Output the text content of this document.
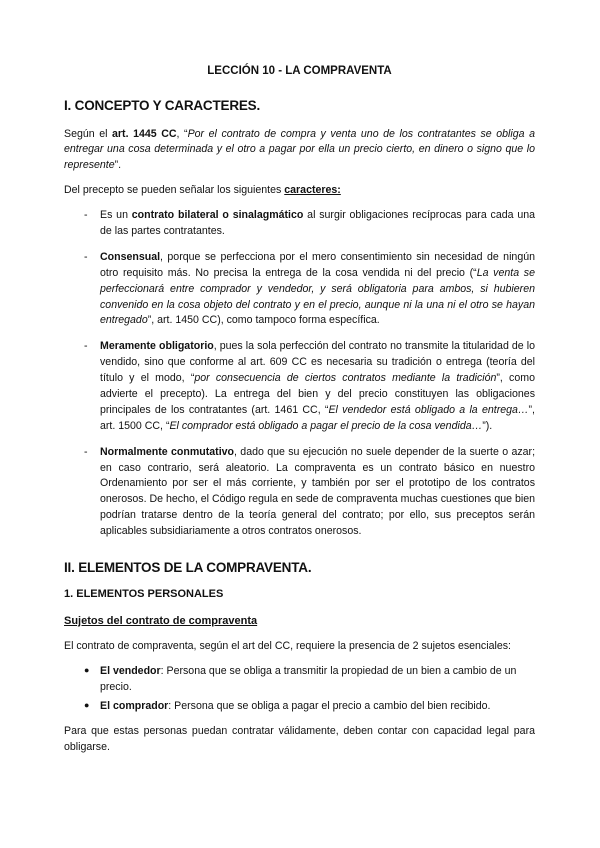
LECCIÓN 10 - LA COMPRAVENTA
I. CONCEPTO Y CARACTERES.

Según el art. 1445 CC, “Por el contrato de compra y venta uno de los contratantes se obliga a entregar una cosa determinada y el otro a pagar por ella un precio cierto, en dinero o signo que lo represente”.

Del precepto se pueden señalar los siguientes caracteres:

- Es un contrato bilateral o sinalagmático al surgir obligaciones recíprocas para cada una de las partes contratantes.
- Consensual, porque se perfecciona por el mero consentimiento sin necesidad de ningún otro requisito más. No precisa la entrega de la cosa vendida ni del precio (“La venta se perfeccionará entre comprador y vendedor, y será obligatoria para ambos, si hubieren convenido en la cosa objeto del contrato y en el precio, aunque ni la una ni el otro se hayan entregado”, art. 1450 CC), como tampoco forma específica.
- Meramente obligatorio, pues la sola perfección del contrato no transmite la titularidad de lo vendido, sino que conforme al art. 609 CC es necesaria su tradición o entrega (teoría del título y el modo, “por consecuencia de ciertos contratos mediante la tradición”, como advierte el precepto). La entrega del bien y del precio constituyen las obligaciones principales de los contratantes (art. 1461 CC, “El vendedor está obligado a la entrega…”, art. 1500 CC, “El comprador está obligado a pagar el precio de la cosa vendida…”).
- Normalmente conmutativo, dado que su ejecución no suele depender de la suerte o azar; en caso contrario, será aleatorio. La compraventa es un contrato básico en nuestro Ordenamiento por ser el más corriente, y también por ser el prototipo de los contratos onerosos. De hecho, el Código regula en sede de compraventa muchas cuestiones que bien podrían tratarse dentro de la teoría general del contrato; por ello, sus preceptos serán aplicables subsidiariamente a otros contratos onerosos.
II. ELEMENTOS DE LA COMPRAVENTA.
1. ELEMENTOS PERSONALES
Sujetos del contrato de compraventa

El contrato de compraventa, según el art del CC, requiere la presencia de 2 sujetos esenciales:

● El vendedor: Persona que se obliga a transmitir la propiedad de un bien a cambio de un precio.
● El comprador: Persona que se obliga a pagar el precio a cambio del bien recibido.

Para que estas personas puedan contratar válidamente, deben contar con capacidad legal para obligarse.
